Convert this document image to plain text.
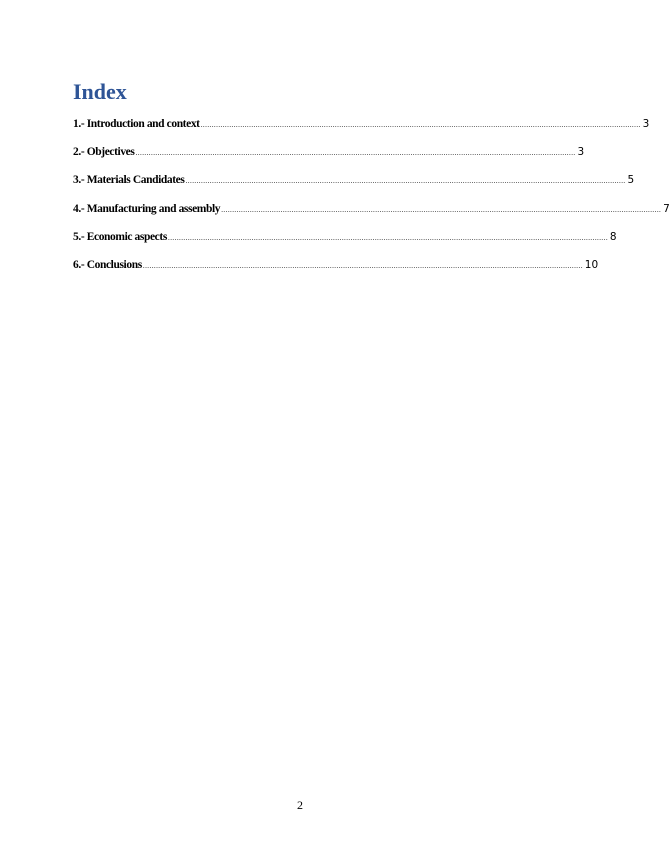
Index
1.- Introduction and context ........................................................................................................................................................................................................ 3
2.- Objectives ........................................................................................................................................................................................................ 3
3.- Materials Candidates ........................................................................................................................................................................................................ 5
4.- Manufacturing and assembly ........................................................................................................................................................................................................ 7
5.- Economic aspects ........................................................................................................................................................................................................ 8
6.- Conclusions ........................................................................................................................................................................................................ 10
2
